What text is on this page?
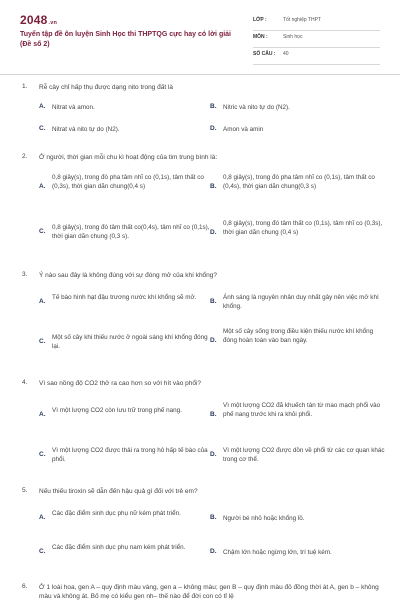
2048.vn
Tuyển tập đề ôn luyện Sinh Học thi THPTQG cực hay có lời giải (Đề số 2)
LỚP :	Tốt nghiệp THPT
MÔN :	Sinh học
SỐ CÂU : 40
1. Rễ cây chỉ hấp thụ được dạng nito trong đất là
A. Nitrat và amon.	B. Nitric và nito tự do (N2).
C. Nitrat và nito tự do (N2).	D. Amon và amin
2. Ở người, thời gian mỗi chu kì hoạt động của tim trung bình là:
A.
0,8 giây(s), trong đó pha tâm nhĩ co (0,1s), tâm thất co (0,3s), thời gian dãn chung(0,4 s)	B.
0,8 giây(s), trong đó pha tâm nhĩ co (0,1s), tâm thất co (0,4s), thời gian dãn chung(0,3 s)
C.
0,8 giây(s), trong đó tâm thất co(0,4s), tâm nhĩ co (0,1s), thời gian dãn chung (0,3 s).
D.
0,8 giây(s), trong đó tâm thất co (0,1s), tâm nhĩ co (0,3s), thời gian dãn chung (0,4 s)
3. Ý nào sau đây là không đúng với sự đóng mở của khí khổng?
A.
Tế bào hình hạt đậu trương nước khí khổng sẽ mở.
B.
Ánh sáng là nguyên nhân duy nhất gây nên việc mở khí khổng.
C.
Một số cây khi thiếu nước ở ngoài sáng khí khổng đóng lại.
D.
Một số cây sống trong điều kiện thiếu nước khí khổng đóng hoàn toàn vào ban ngày.
4. Vì sao nồng độ CO2 thở ra cao hơn so với hít vào phổi?
A.
Vì một lượng CO2 còn lưu trữ trong phế nang.
B.
Vì một lượng CO2 đã khuếch tán từ mao mạch phổi vào phế nang trước khi ra khỏi phổi.
C.
Vì một lượng CO2 được thải ra trong hô hấp tế bào của phổi.
D.
Vì một lượng CO2 được dồn về phổi từ các cơ quan khác trong cơ thể.
5. Nếu thiếu tiroxin sẽ dẫn đến hậu quả gì đối với trẻ em?
A.
Các đặc điểm sinh dục phụ nữ kém phát triển.
B. Người bé nhỏ hoặc khổng lồ.
C.
Các đặc điểm sinh dục phụ nam kém phát triển.
D. Chậm lớn hoặc ngừng lớn, trí tuệ kém.
6. Ở 1 loài hoa, gen A – quy định màu vàng, gen a – không màu; gen B – quy định màu đỏ đồng thời át A, gen b – không màu và không át. Bố mẹ có kiểu gen nh– thế nào để đời con có tỉ lệ
